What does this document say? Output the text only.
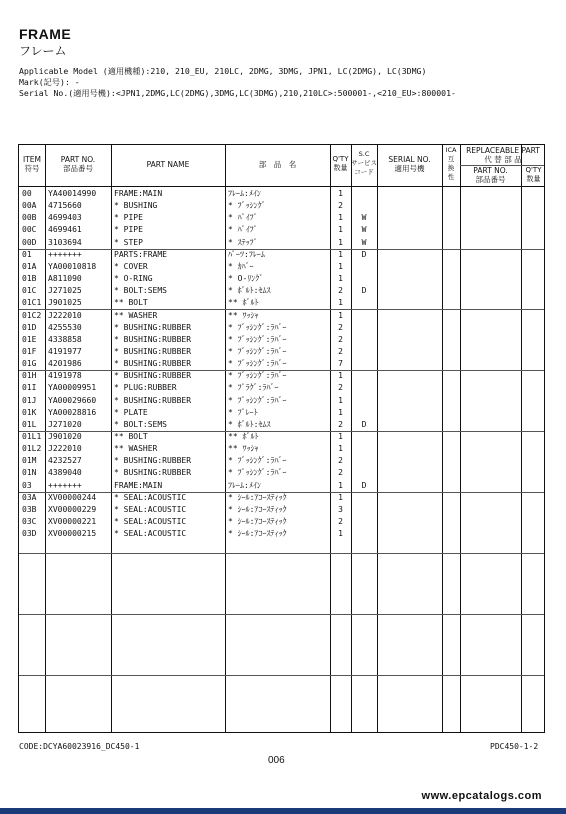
FRAME
フレーム
Applicable Model (適用機種):210, 210_EU, 210LC, 2DMG, 3DMG, JPN1, LC(2DMG), LC(3DMG)
Mark(記号): -
Serial No.(適用号機):<JPN1,2DMG,LC(2DMG),3DMG,LC(3DMG),210,210LC>:500001-,<210_EU>:800001-
ITEM
符号
PART NO.
部品番号	PART NAME	部　品　名
Q'TY
数量
S.C
サービス
コード
SERIAL NO.
適用号機
ICA
互
換
性
REPLACEABLE PART
代 替 部 品
PART NO.
部品番号
Q'TY
数量
00	YA40014990	FRAME:MAIN	ﾌﾚｰﾑ:ﾒｲﾝ	1
00A	4715660	* BUSHING	* ﾌﾞｯｼﾝｸﾞ	2
00B	4699403	* PIPE	* ﾊﾟｲﾌﾟ	1	W
00C	4699461	* PIPE	* ﾊﾟｲﾌﾟ	1	W
00D	3103694	* STEP	* ｽﾃｯﾌﾟ	1	W
01	+++++++	PARTS:FRAME	ﾊﾟｰﾂ:ﾌﾚｰﾑ	1	D
01A	YA00010818	* COVER	* ｶﾊﾞｰ	1
01B	A811090	* O-RING	* O-ﾘﾝｸﾞ	1
01C	J271025	* BOLT:SEMS	* ﾎﾞﾙﾄ:ｾﾑｽ	2	D
01C1 J901025	** BOLT	** ﾎﾞﾙﾄ	1
01C2 J222010	** WASHER	** ﾜｯｼｬ	1
01D	4255530	* BUSHING:RUBBER	* ﾌﾞｯｼﾝｸﾞ:ﾗﾊﾞｰ	2
01E	4338858	* BUSHING:RUBBER	* ﾌﾞｯｼﾝｸﾞ:ﾗﾊﾞｰ	2
01F	4191977	* BUSHING:RUBBER	* ﾌﾞｯｼﾝｸﾞ:ﾗﾊﾞｰ	2
01G	4201986	* BUSHING:RUBBER	* ﾌﾞｯｼﾝｸﾞ:ﾗﾊﾞｰ	7
01H	4191978	* BUSHING:RUBBER	* ﾌﾞｯｼﾝｸﾞ:ﾗﾊﾞｰ	1
01I	YA00009951	* PLUG:RUBBER	* ﾌﾟﾗｸﾞ:ﾗﾊﾞｰ	2
01J	YA00029660	* BUSHING:RUBBER	* ﾌﾞｯｼﾝｸﾞ:ﾗﾊﾞｰ	1
01K	YA00028816	* PLATE	* ﾌﾟﾚｰﾄ	1
01L	J271020	* BOLT:SEMS	* ﾎﾞﾙﾄ:ｾﾑｽ	2	D
01L1 J901020	** BOLT	** ﾎﾞﾙﾄ	1
01L2 J222010	** WASHER	** ﾜｯｼｬ	1
01M	4232527	* BUSHING:RUBBER	* ﾌﾞｯｼﾝｸﾞ:ﾗﾊﾞｰ	2
01N	4389040	* BUSHING:RUBBER	* ﾌﾞｯｼﾝｸﾞ:ﾗﾊﾞｰ	2
03	+++++++	FRAME:MAIN	ﾌﾚｰﾑ:ﾒｲﾝ	1	D
03A	XV00000244	* SEAL:ACOUSTIC	* ｼｰﾙ:ｱｺｰｽﾃｨｯｸ	1
03B	XV00000229	* SEAL:ACOUSTIC	* ｼｰﾙ:ｱｺｰｽﾃｨｯｸ	3
03C	XV00000221	* SEAL:ACOUSTIC	* ｼｰﾙ:ｱｺｰｽﾃｨｯｸ	2
03D	XV00000215	* SEAL:ACOUSTIC	* ｼｰﾙ:ｱｺｰｽﾃｨｯｸ	1
CODE:DCYA60023916_DC450-1
006
PDC450-1-2
www.epcatalogs.com
